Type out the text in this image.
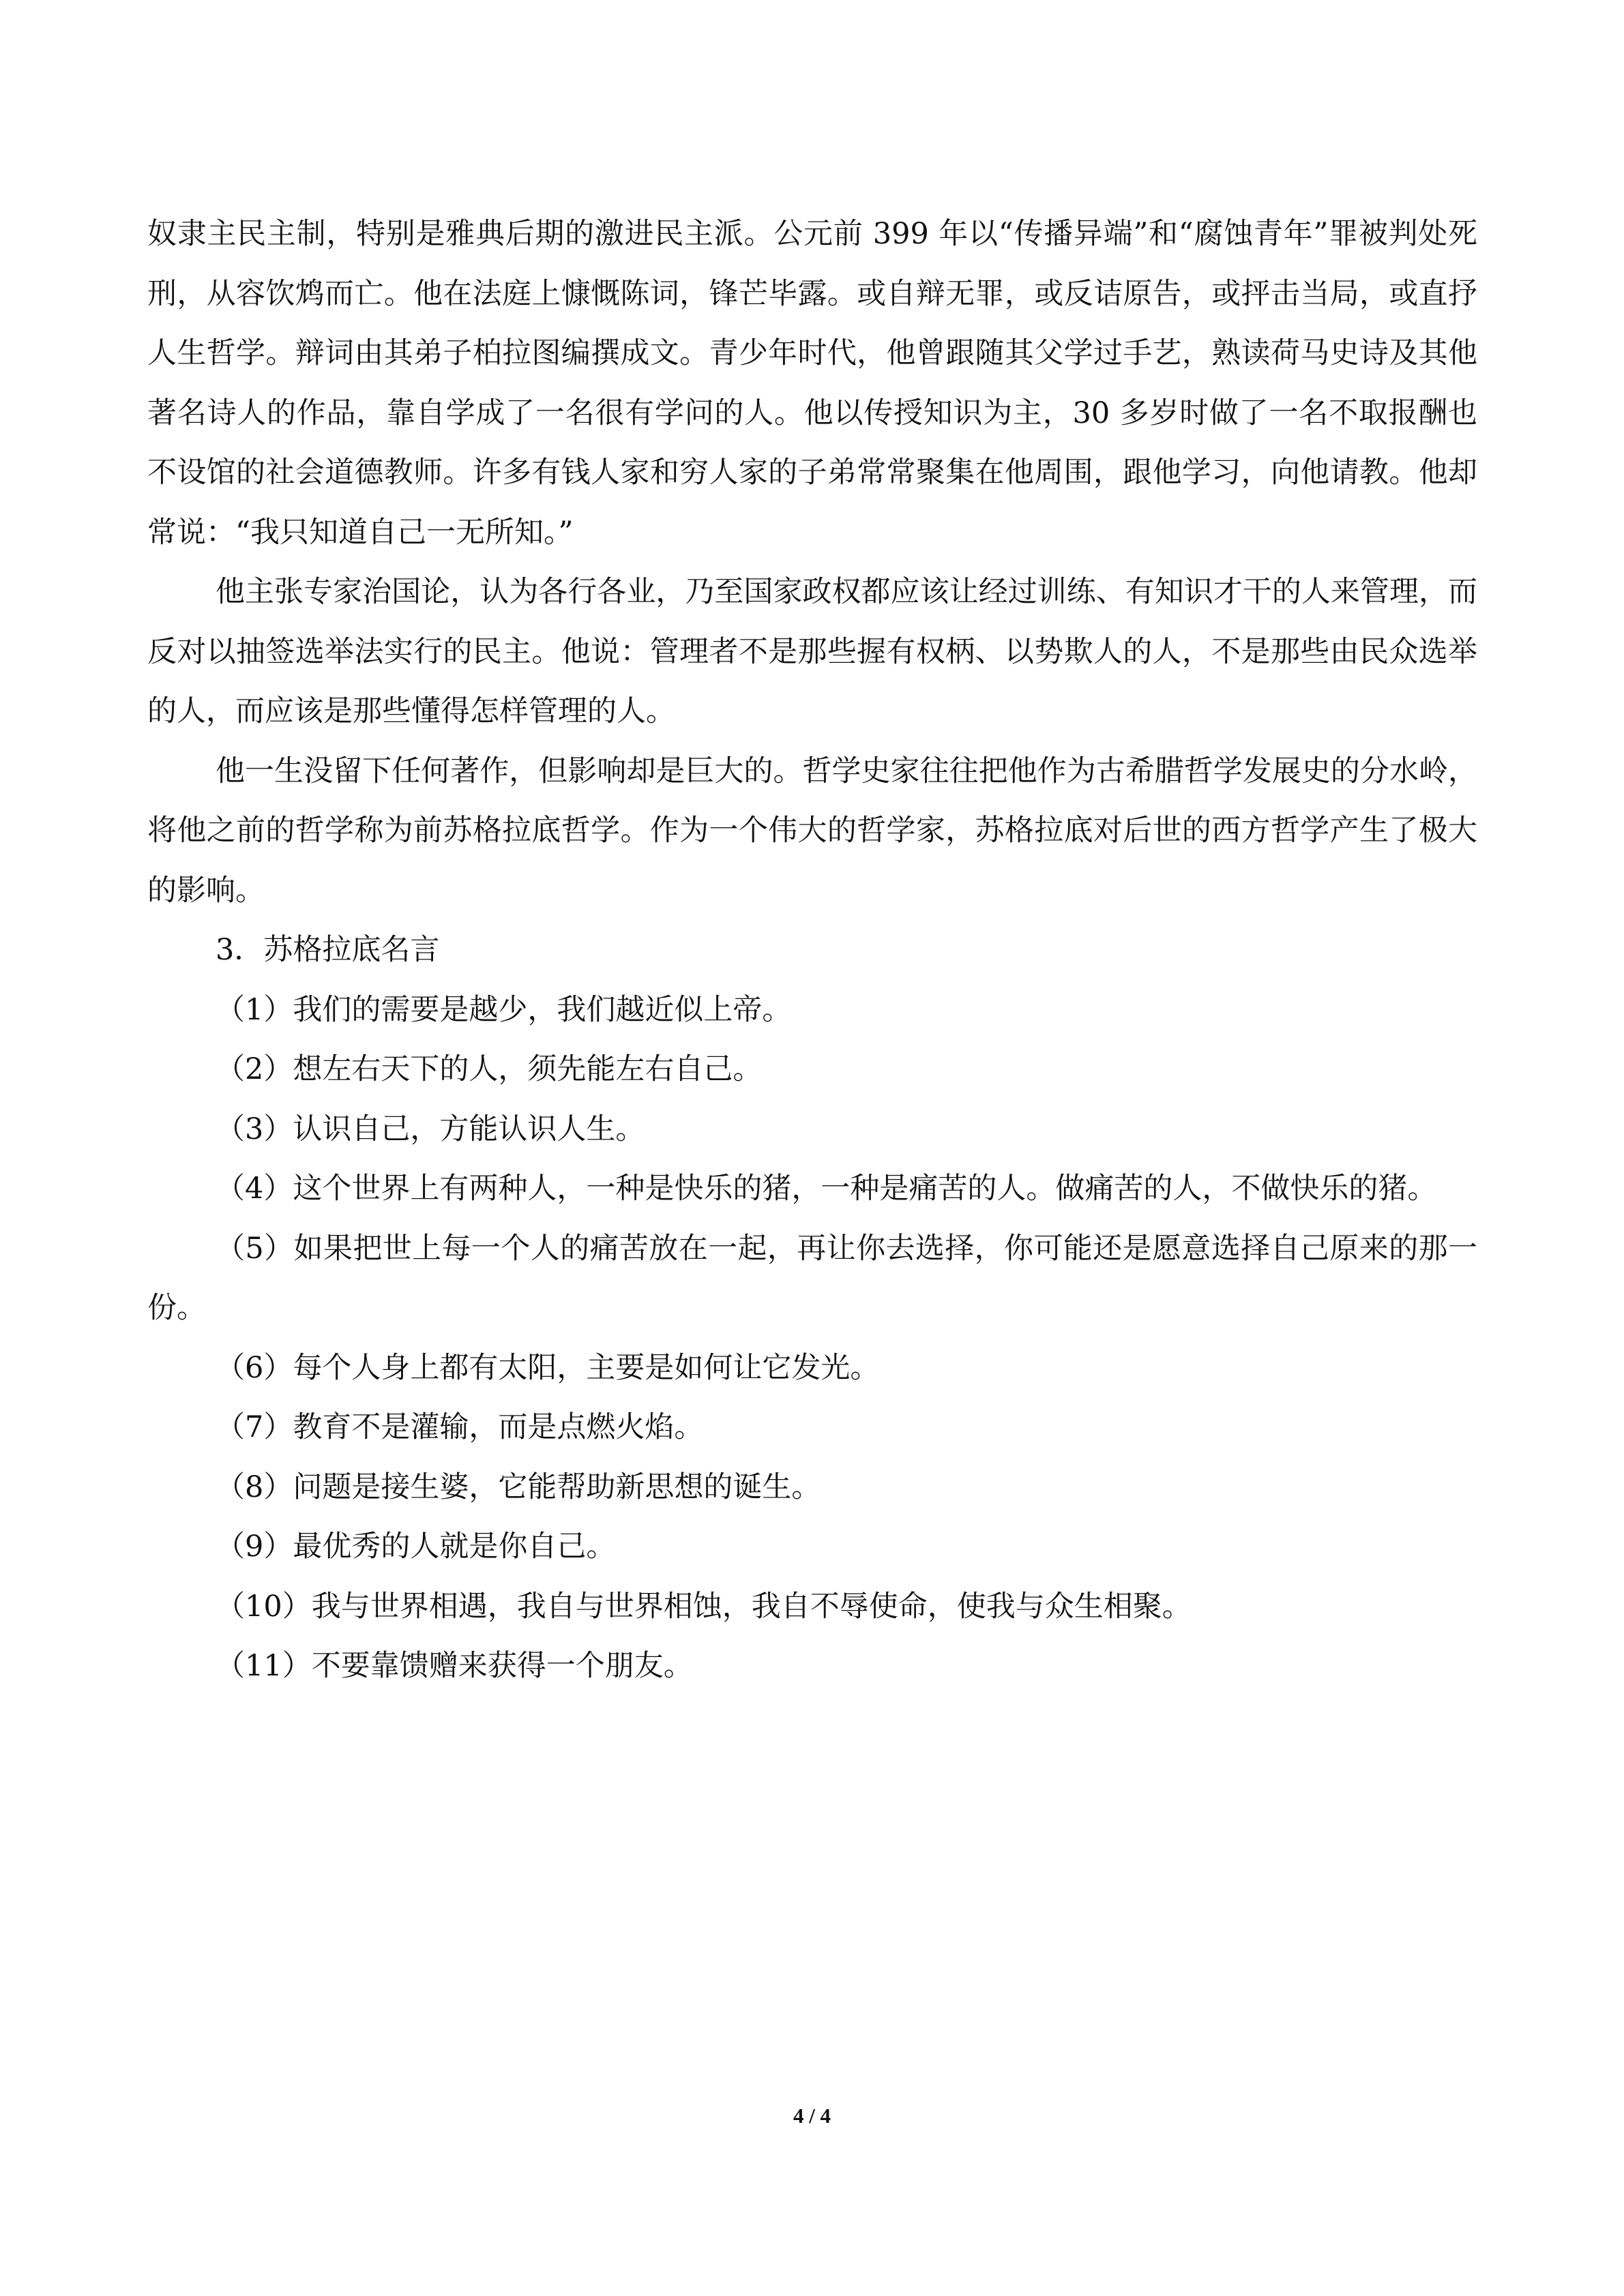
奴隶主民主制，特别是雅典后期的激进民主派。公元前 399 年以“传播异端”和“腐蚀青年”罪被判处死刑，从容饮鸩而亡。他在法庭上慷慨陈词，锋芒毕露。或自辩无罪，或反诘原告，或抨击当局，或直抒人生哲学。辩词由其弟子柏拉图编撰成文。青少年时代，他曾跟随其父学过手艺，熟读荷马史诗及其他著名诗人的作品，靠自学成了一名很有学问的人。他以传授知识为主，30 多岁时做了一名不取报酬也不设馆的社会道德教师。许多有钱人家和穷人家的子弟常常聚集在他周围，跟他学习，向他请教。他却常说：“我只知道自己一无所知。”

他主张专家治国论，认为各行各业，乃至国家政权都应该让经过训练、有知识才干的人来管理，而反对以抽签选举法实行的民主。他说：管理者不是那些握有权柄、以势欺人的人，不是那些由民众选举的人，而应该是那些懂得怎样管理的人。

他一生没留下任何著作，但影响却是巨大的。哲学史家往往把他作为古希腊哲学发展史的分水岭，将他之前的哲学称为前苏格拉底哲学。作为一个伟大的哲学家，苏格拉底对后世的西方哲学产生了极大的影响。

3．苏格拉底名言

（1）我们的需要是越少，我们越近似上帝。

（2）想左右天下的人，须先能左右自己。

（3）认识自己，方能认识人生。

（4）这个世界上有两种人，一种是快乐的猪，一种是痛苦的人。做痛苦的人，不做快乐的猪。

（5）如果把世上每一个人的痛苦放在一起，再让你去选择，你可能还是愿意选择自己原来的那一份。

（6）每个人身上都有太阳，主要是如何让它发光。

（7）教育不是灌输，而是点燃火焰。

（8）问题是接生婆，它能帮助新思想的诞生。

（9）最优秀的人就是你自己。

（10）我与世界相遇，我自与世界相蚀，我自不辱使命，使我与众生相聚。

（11）不要靠馈赠来获得一个朋友。

4 / 4
